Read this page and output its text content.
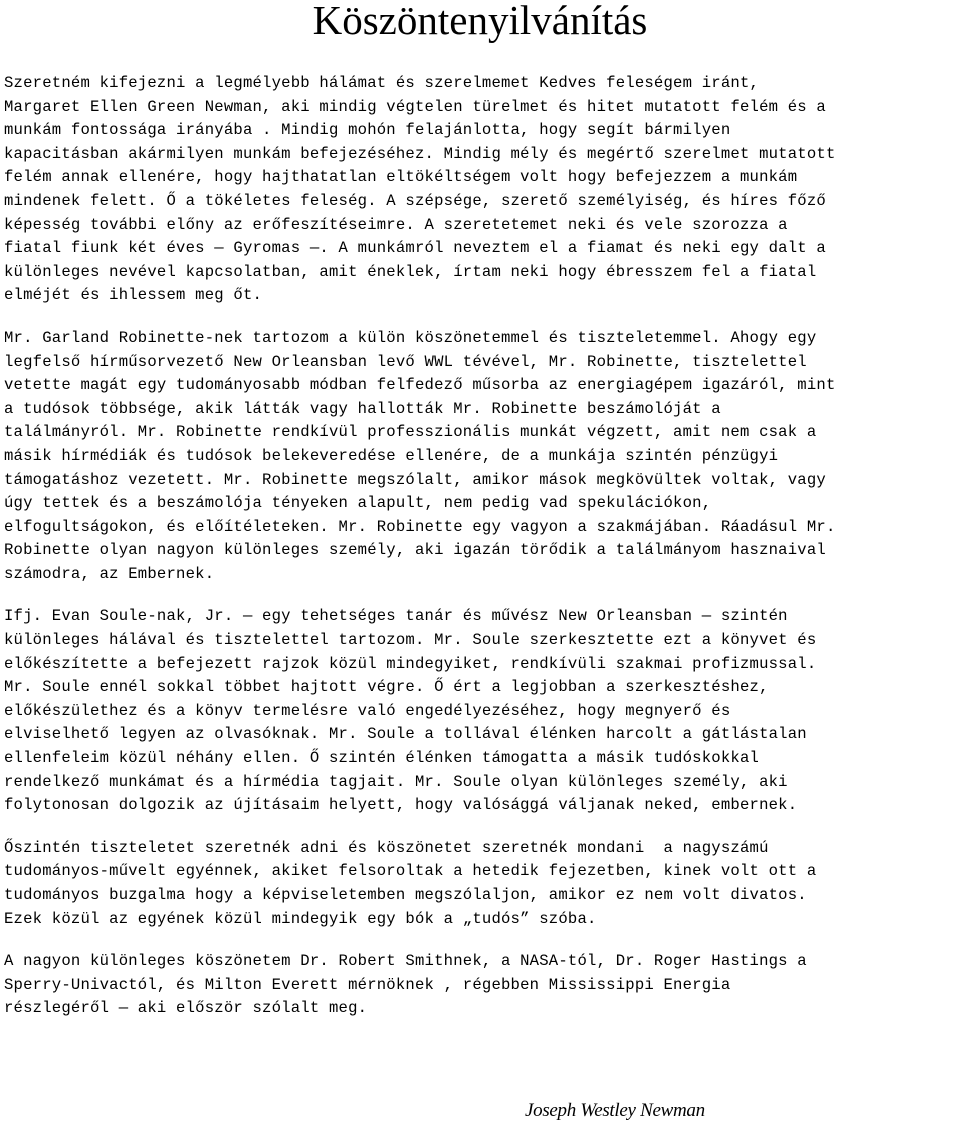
Köszöntenyilvánítás

Szeretném kifejezni a legmélyebb hálámat és szerelmemet Kedves feleségem iránt,
Margaret Ellen Green Newman, aki mindig végtelen türelmet és hitet mutatott felém és a
munkám fontossága irányába . Mindig mohón felajánlotta, hogy segít bármilyen
kapacitásban akármilyen munkám befejezéséhez. Mindig mély és megértő szerelmet mutatott
felém annak ellenére, hogy hajthatatlan eltökéltségem volt hogy befejezzem a munkám
mindenek felett. Ő a tökéletes feleség. A szépsége, szerető személyiség, és híres főző
képesség további előny az erőfeszítéseimre. A szeretetemet neki és vele szorozza a
fiatal fiunk két éves — Gyromas —. A munkámról neveztem el a fiamat és neki egy dalt a
különleges nevével kapcsolatban, amit éneklek, írtam neki hogy ébresszem fel a fiatal
elméjét és ihlessem meg őt.

Mr. Garland Robinette-nek tartozom a külön köszönetemmel és tiszteletemmel. Ahogy egy
legfelső hírműsorvezető New Orleansban levő WWL tévével, Mr. Robinette, tisztelettel
vetette magát egy tudományosabb módban felfedező műsorba az energiagépem igazáról, mint
a tudósok többsége, akik látták vagy hallották Mr. Robinette beszámolóját a
találmányról. Mr. Robinette rendkívül professzionális munkát végzett, amit nem csak a
másik hírmédiák és tudósok belekeveredése ellenére, de a munkája szintén pénzügyi
támogatáshoz vezetett. Mr. Robinette megszólalt, amikor mások megkövültek voltak, vagy
úgy tettek és a beszámolója tényeken alapult, nem pedig vad spekulációkon,
elfogultságokon, és előítéleteken. Mr. Robinette egy vagyon a szakmájában. Ráadásul Mr.
Robinette olyan nagyon különleges személy, aki igazán törődik a találmányom hasznaival
számodra, az Embernek.

Ifj. Evan Soule-nak, Jr. — egy tehetséges tanár és művész New Orleansban — szintén
különleges hálával és tisztelettel tartozom. Mr. Soule szerkesztette ezt a könyvet és
előkészítette a befejezett rajzok közül mindegyiket, rendkívüli szakmai profizmussal.
Mr. Soule ennél sokkal többet hajtott végre. Ő ért a legjobban a szerkesztéshez,
előkészülethez és a könyv termelésre való engedélyezéséhez, hogy megnyerő és
elviselhető legyen az olvasóknak. Mr. Soule a tollával élénken harcolt a gátlástalan
ellenfeleim közül néhány ellen. Ő szintén élénken támogatta a másik tudóskokkal
rendelkező munkámat és a hírmédia tagjait. Mr. Soule olyan különleges személy, aki
folytonosan dolgozik az újításaim helyett, hogy valósággá váljanak neked, embernek.

Őszintén tiszteletet szeretnék adni és köszönetet szeretnék mondani  a nagyszámú
tudományos-művelt egyénnek, akiket felsoroltak a hetedik fejezetben, kinek volt ott a
tudományos buzgalma hogy a képviseletemben megszólaljon, amikor ez nem volt divatos.
Ezek közül az egyének közül mindegyik egy bók a „tudós” szóba.

A nagyon különleges köszönetem Dr. Robert Smithnek, a NASA-tól, Dr. Roger Hastings a
Sperry-Univactól, és Milton Everett mérnöknek , régebben Mississippi Energia
részlegéről — aki először szólalt meg.

Joseph Westley Newman
